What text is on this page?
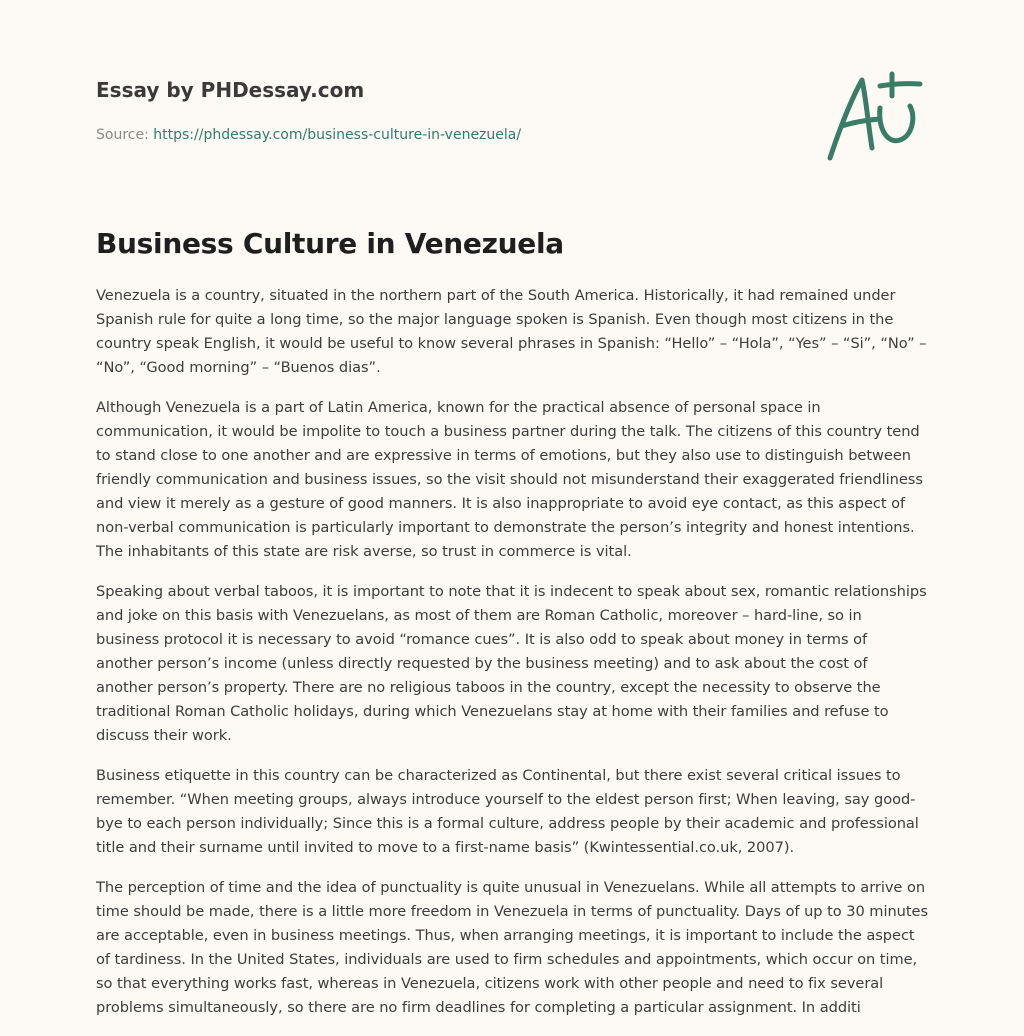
Essay by PHDessay.com
Source: https://phdessay.com/business-culture-in-venezuela/
Business Culture in Venezuela

Venezuela is a country, situated in the northern part of the South America. Historically, it had remained under Spanish rule for quite a long time, so the major language spoken is Spanish. Even though most citizens in the country speak English, it would be useful to know several phrases in Spanish: “Hello” – “Hola”, “Yes” – “Si”, “No” – “No”, “Good morning” – “Buenos dias”.

Although Venezuela is a part of Latin America, known for the practical absence of personal space in communication, it would be impolite to touch a business partner during the talk. The citizens of this country tend to stand close to one another and are expressive in terms of emotions, but they also use to distinguish between friendly communication and business issues, so the visit should not misunderstand their exaggerated friendliness and view it merely as a gesture of good manners. It is also inappropriate to avoid eye contact, as this aspect of non-verbal communication is particularly important to demonstrate the person’s integrity and honest intentions. The inhabitants of this state are risk averse, so trust in commerce is vital.

Speaking about verbal taboos, it is important to note that it is indecent to speak about sex, romantic relationships and joke on this basis with Venezuelans, as most of them are Roman Catholic, moreover – hard-line, so in business protocol it is necessary to avoid “romance cues”. It is also odd to speak about money in terms of another person’s income (unless directly requested by the business meeting) and to ask about the cost of another person’s property. There are no religious taboos in the country, except the necessity to observe the traditional Roman Catholic holidays, during which Venezuelans stay at home with their families and refuse to discuss their work.

Business etiquette in this country can be characterized as Continental, but there exist several critical issues to remember. “When meeting groups, always introduce yourself to the eldest person first; When leaving, say good-bye to each person individually; Since this is a formal culture, address people by their academic and professional title and their surname until invited to move to a first-name basis” (Kwintessential.co.uk, 2007).

The perception of time and the idea of punctuality is quite unusual in Venezuelans. While all attempts to arrive on time should be made, there is a little more freedom in Venezuela in terms of punctuality. Days of up to 30 minutes are acceptable, even in business meetings. Thus, when arranging meetings, it is important to include the aspect of tardiness. In the United States, individuals are used to firm schedules and appointments, which occur on time, so that everything works fast, whereas in Venezuela, citizens work with other people and need to fix several problems simultaneously, so there are no firm deadlines for completing a particular assignment. In additi
